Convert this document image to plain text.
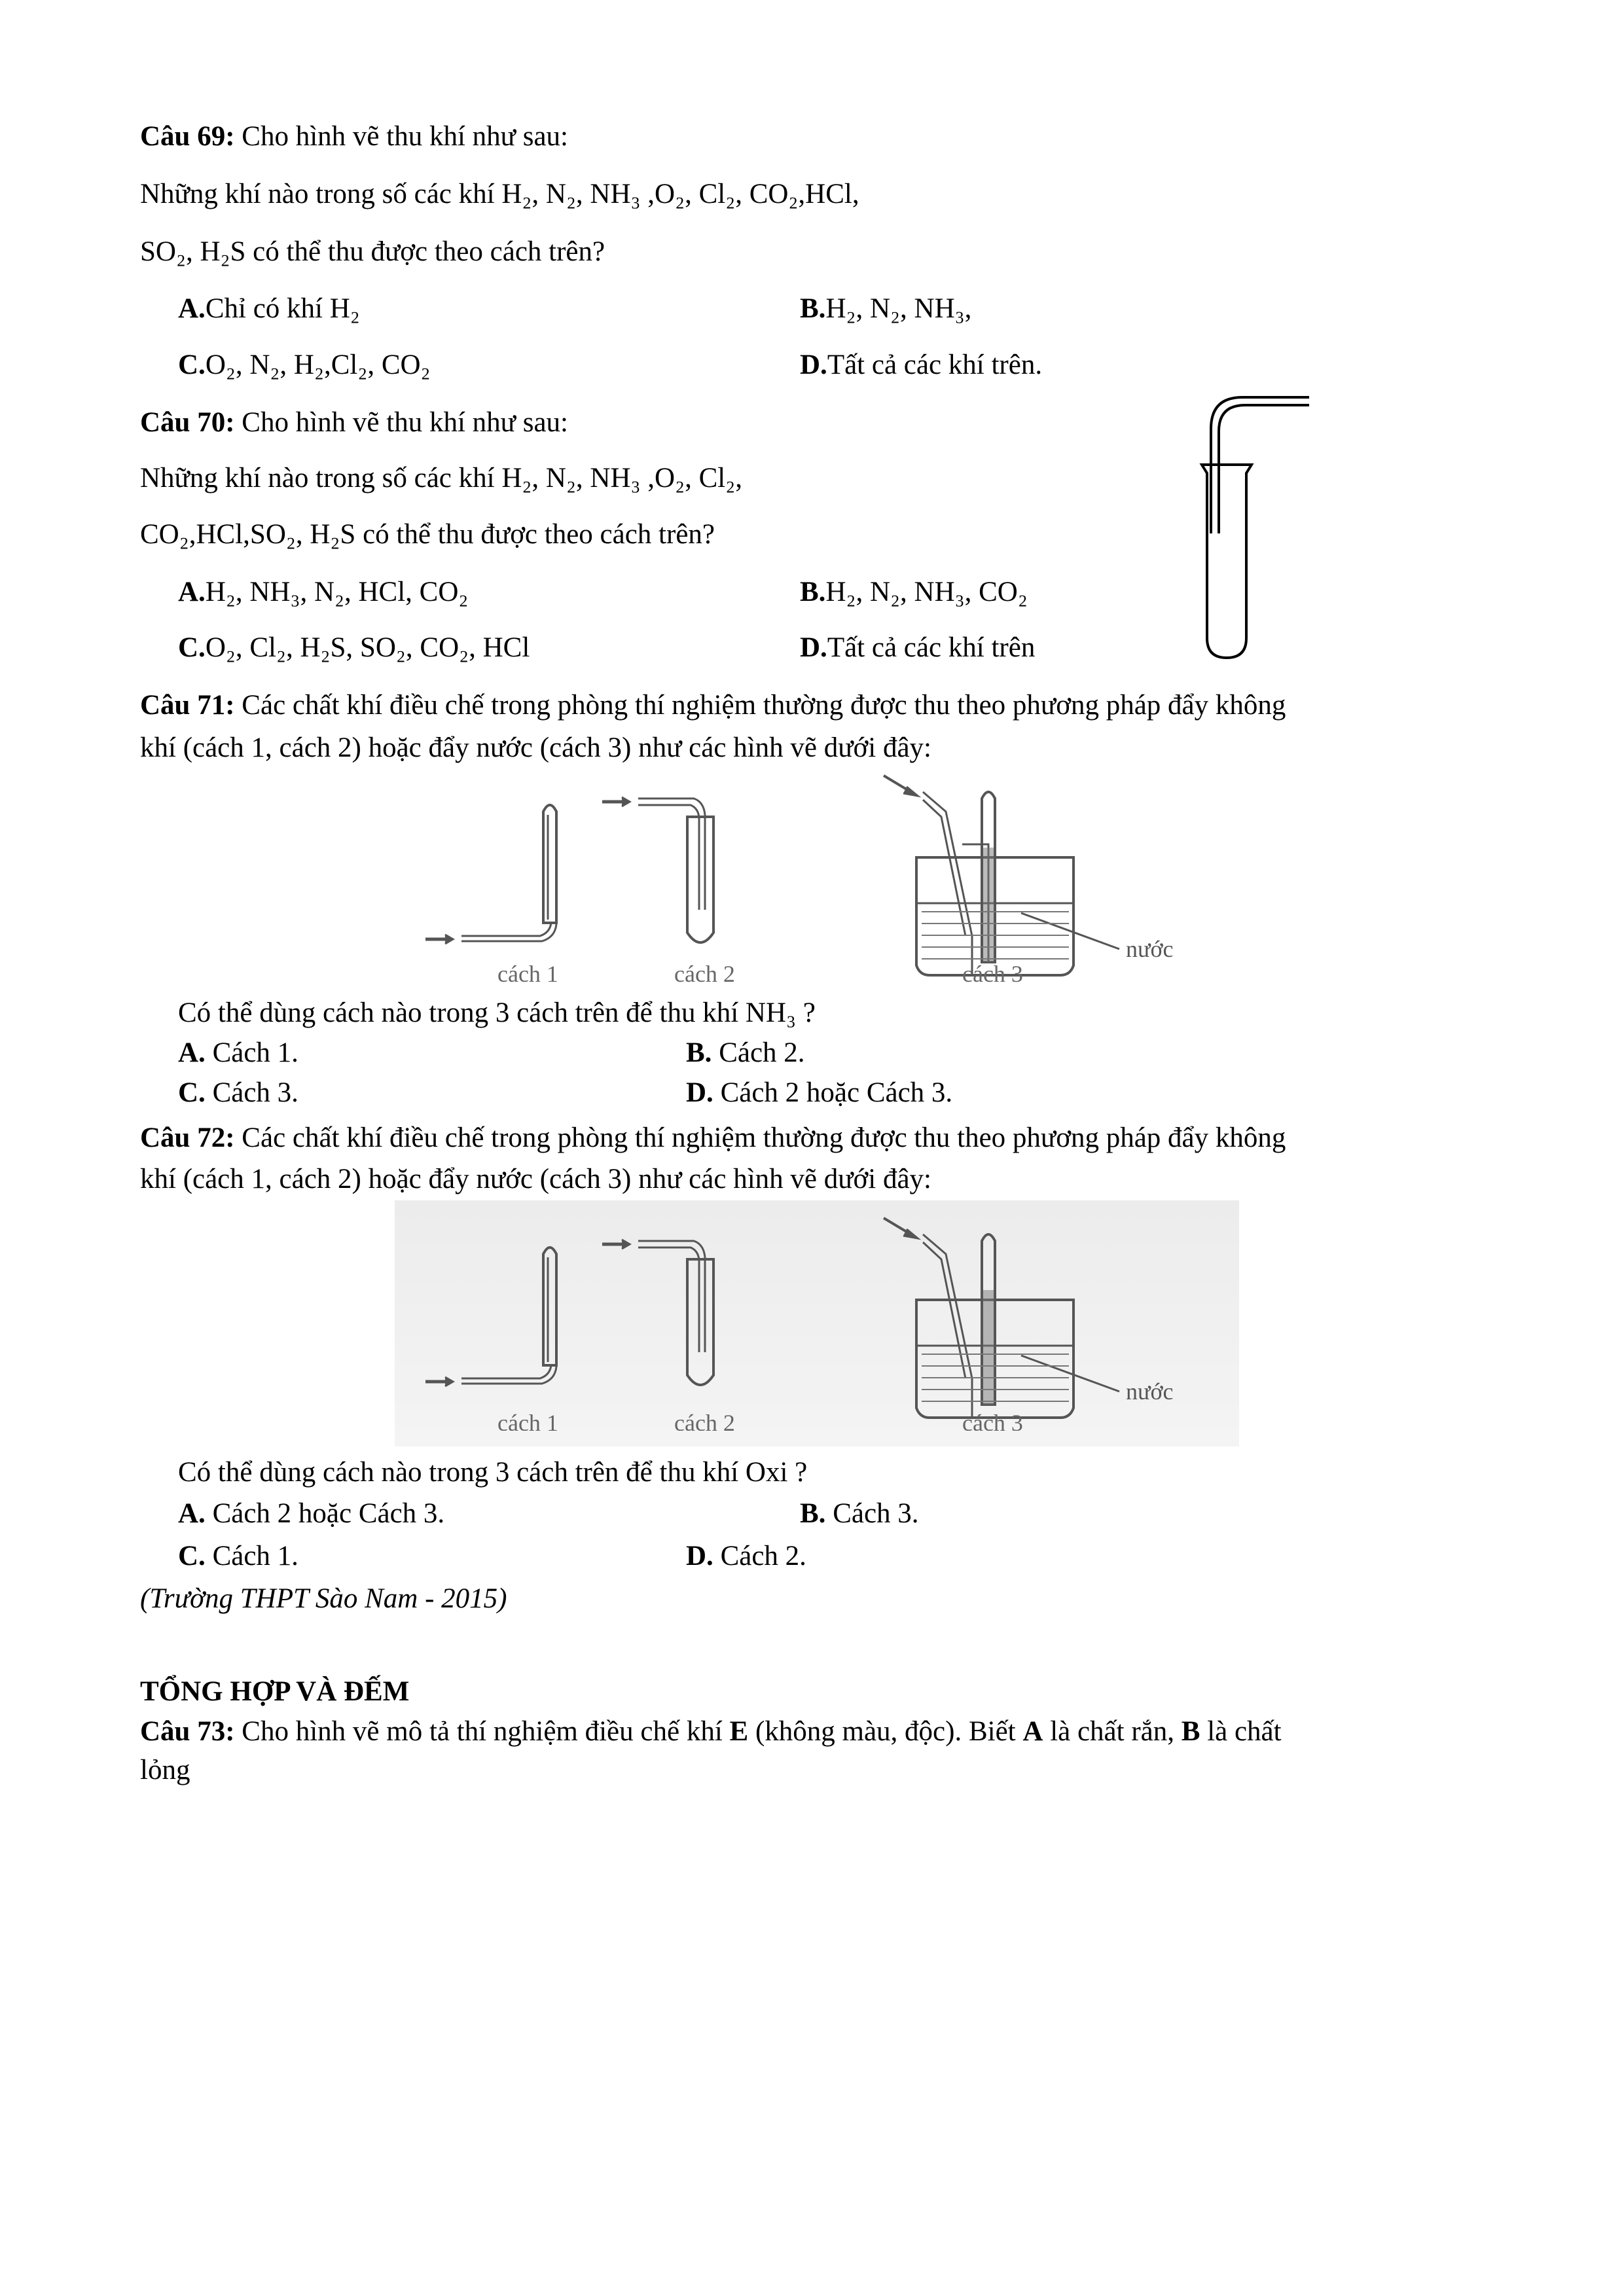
Câu 69: Cho hình vẽ thu khí như sau:
Những khí nào trong số các khí H₂, N₂, NH₃ ,O₂, Cl₂, CO₂,HCl,
SO₂, H₂S có thể thu được theo cách trên?
A.Chỉ có khí H₂	B.H₂, N₂, NH₃,
C.O₂, N₂, H₂,Cl₂, CO₂	D.Tất cả các khí trên.
Câu 70: Cho hình vẽ thu khí như sau:
Những khí nào trong số các khí H₂, N₂, NH₃ ,O₂, Cl₂,
CO₂,HCl,SO₂, H₂S có thể thu được theo cách trên?
A.H₂, NH₃, N₂, HCl, CO₂	B.H₂, N₂, NH₃, CO₂
C.O₂, Cl₂, H₂S, SO₂, CO₂, HCl	D.Tất cả các khí trên
Câu 71: Các chất khí điều chế trong phòng thí nghiệm thường được thu theo phương pháp đẩy không
khí (cách 1, cách 2) hoặc đẩy nước (cách 3) như các hình vẽ dưới đây:
nước
cách 1	cách 2	cách 3
Có thể dùng cách nào trong 3 cách trên để thu khí NH₃ ?
A. Cách 1.	B. Cách 2.
C. Cách 3.	D. Cách 2 hoặc Cách 3.
Câu 72: Các chất khí điều chế trong phòng thí nghiệm thường được thu theo phương pháp đẩy không
khí (cách 1, cách 2) hoặc đẩy nước (cách 3) như các hình vẽ dưới đây:
nước
cách 1	cách 2	cách 3
Có thể dùng cách nào trong 3 cách trên để thu khí Oxi ?
A. Cách 2 hoặc Cách 3.	B. Cách 3.
C. Cách 1.	D. Cách 2.
(Trường THPT Sào Nam - 2015)
TỔNG HỢP VÀ ĐẾM
Câu 73: Cho hình vẽ mô tả thí nghiệm điều chế khí E (không màu, độc). Biết A là chất rắn, B là chất
lỏng
